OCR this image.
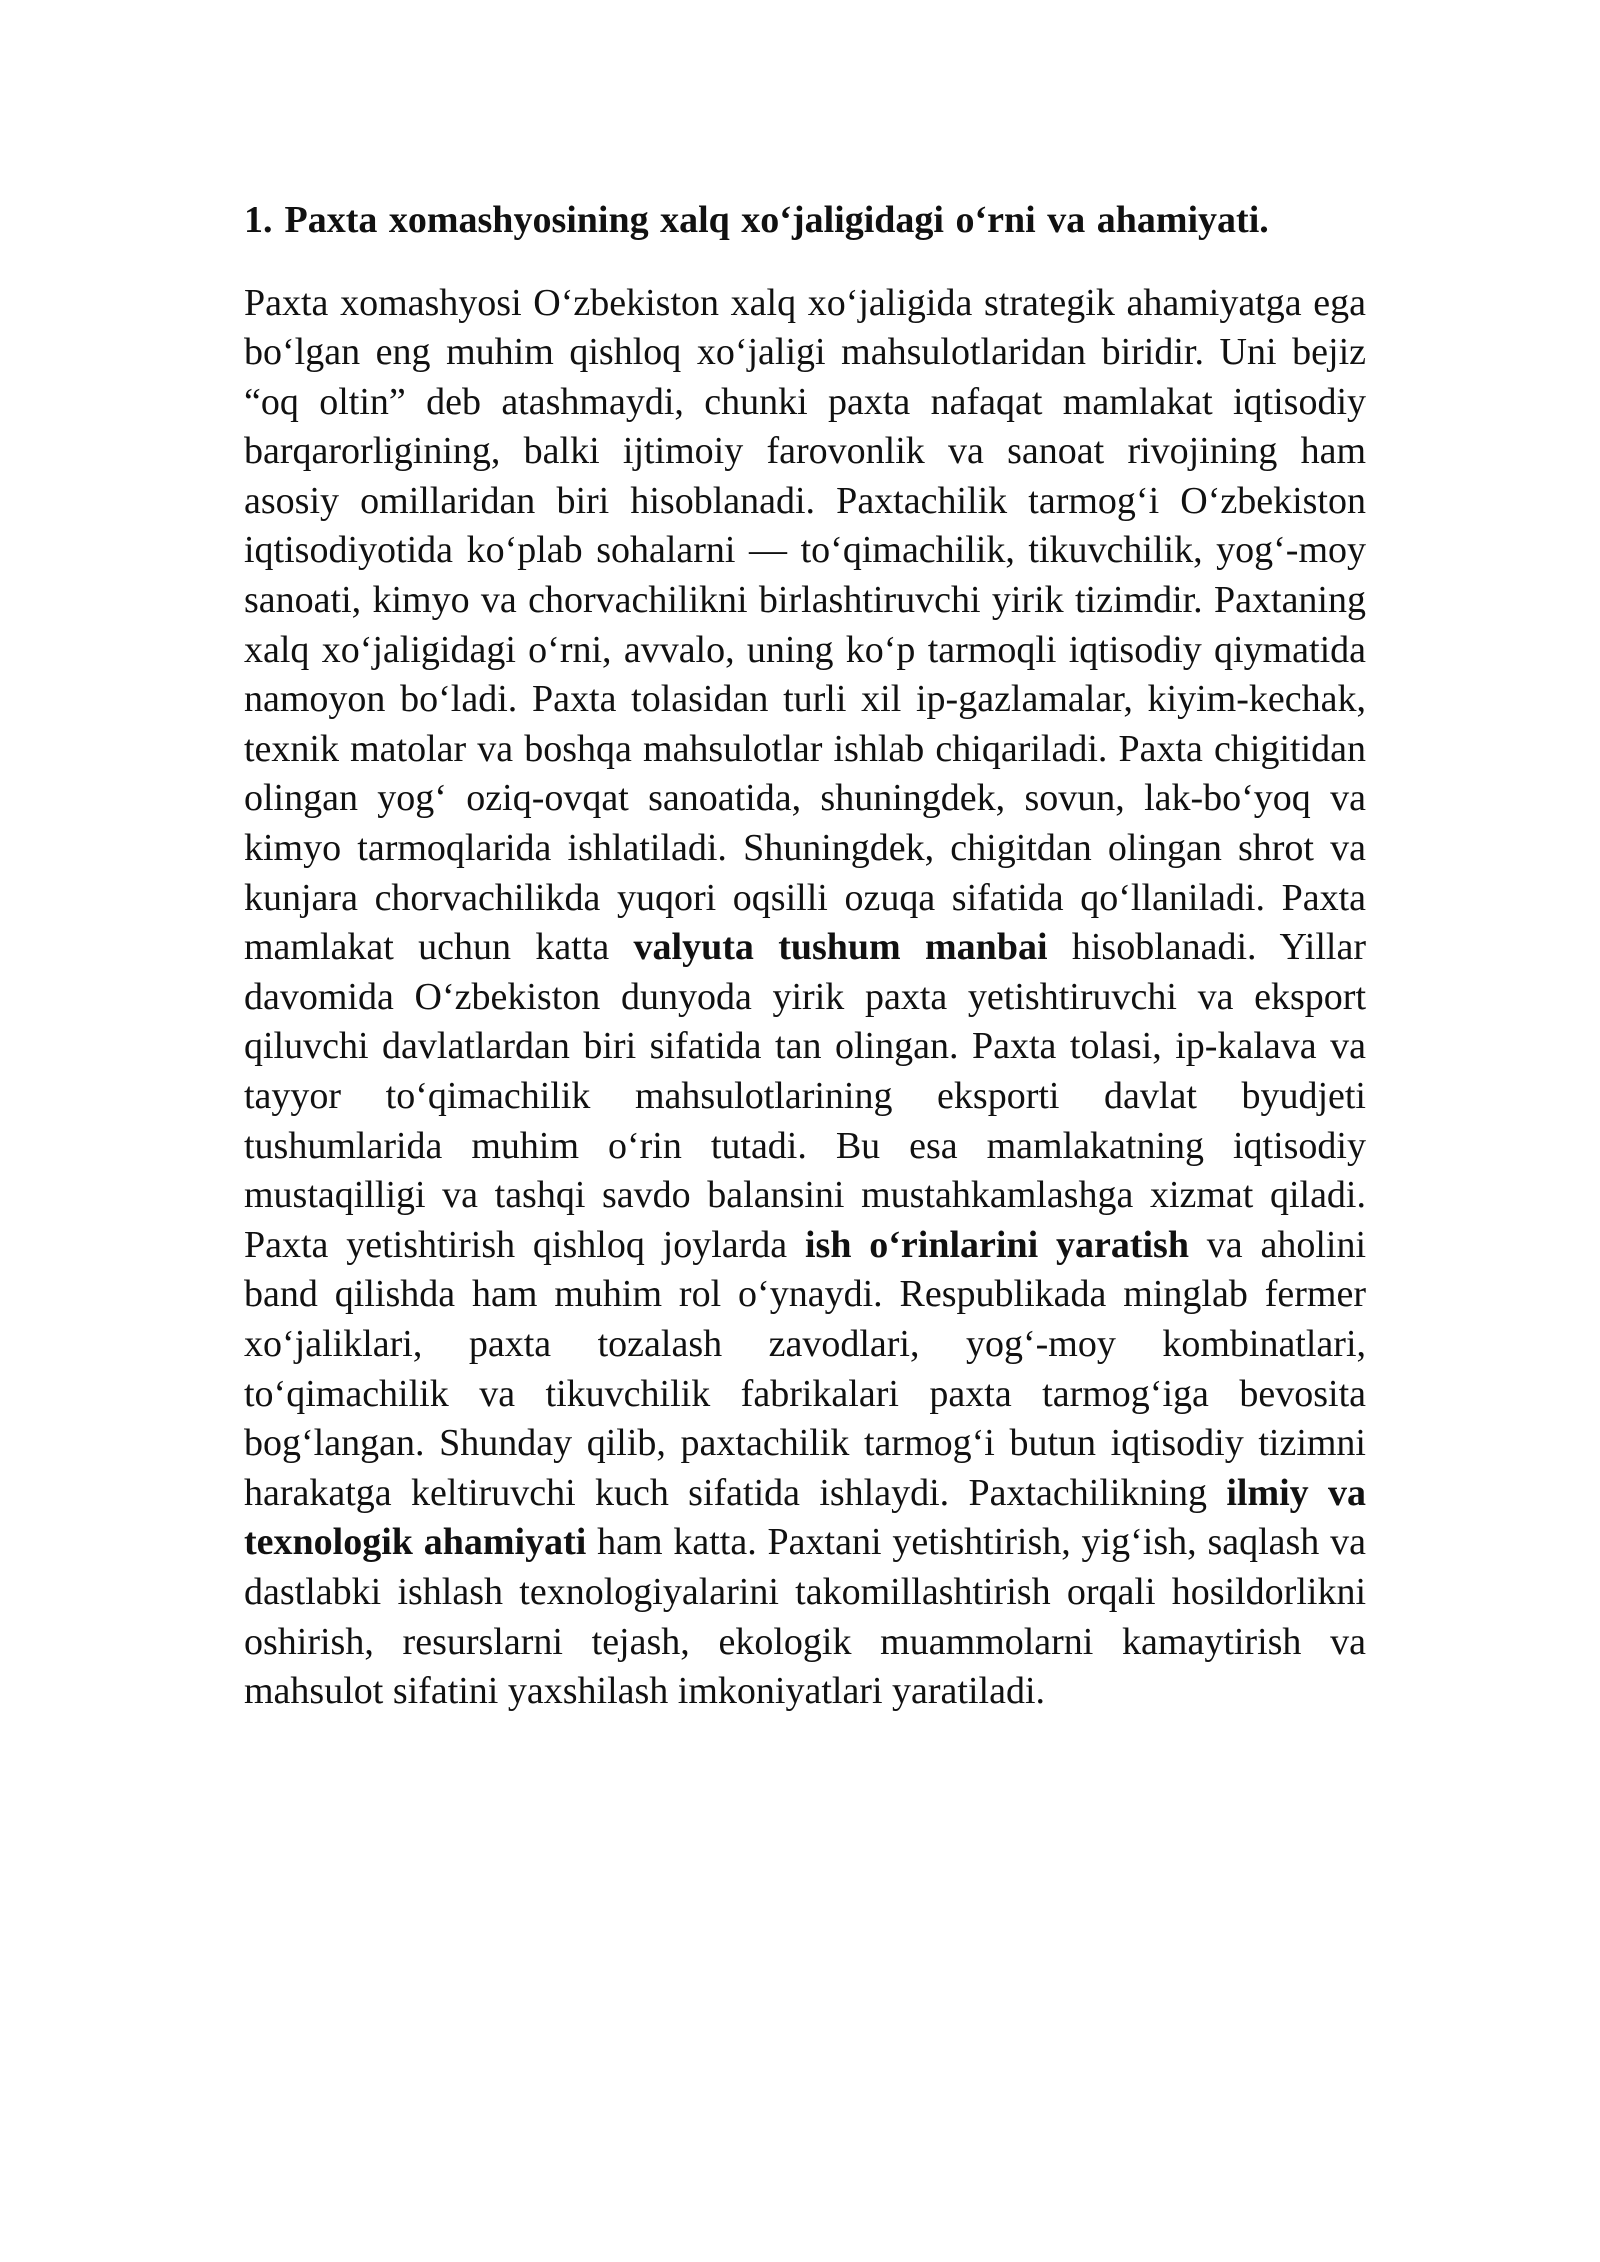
1. Paxta xomashyosining xalq xo‘jaligidagi o‘rni va ahamiyati.

Paxta xomashyosi O‘zbekiston xalq xo‘jaligida strategik ahamiyatga ega bo‘lgan eng muhim qishloq xo‘jaligi mahsulotlaridan biridir. Uni bejiz “oq oltin” deb atashmaydi, chunki paxta nafaqat mamlakat iqtisodiy barqarorligining, balki ijtimoiy farovonlik va sanoat rivojining ham asosiy omillaridan biri hisoblanadi. Paxtachilik tarmog‘i O‘zbekiston iqtisodiyotida ko‘plab sohalarni — to‘qimachilik, tikuvchilik, yog‘-moy sanoati, kimyo va chorvachilikni birlashtiruvchi yirik tizimdir. Paxtaning xalq xo‘jaligidagi o‘rni, avvalo, uning ko‘p tarmoqli iqtisodiy qiymatida namoyon bo‘ladi. Paxta tolasidan turli xil ip-gazlamalar, kiyim-kechak, texnik matolar va boshqa mahsulotlar ishlab chiqariladi. Paxta chigitidan olingan yog‘ oziq-ovqat sanoatida, shuningdek, sovun, lak-bo‘yoq va kimyo tarmoqlarida ishlatiladi. Shuningdek, chigitdan olingan shrot va kunjara chorvachilikda yuqori oqsilli ozuqa sifatida qo‘llaniladi. Paxta mamlakat uchun katta valyuta tushum manbai hisoblanadi. Yillar davomida O‘zbekiston dunyoda yirik paxta yetishtiruvchi va eksport qiluvchi davlatlardan biri sifatida tan olingan. Paxta tolasi, ip-kalava va tayyor to‘qimachilik mahsulotlarining eksporti davlat byudjeti tushumlarida muhim o‘rin tutadi. Bu esa mamlakatning iqtisodiy mustaqilligi va tashqi savdo balansini mustahkamlashga xizmat qiladi. Paxta yetishtirish qishloq joylarda ish o‘rinlarini yaratish va aholini band qilishda ham muhim rol o‘ynaydi. Respublikada minglab fermer xo‘jaliklari, paxta tozalash zavodlari, yog‘-moy kombinatlari, to‘qimachilik va tikuvchilik fabrikalari paxta tarmog‘iga bevosita bog‘langan. Shunday qilib, paxtachilik tarmog‘i butun iqtisodiy tizimni harakatga keltiruvchi kuch sifatida ishlaydi. Paxtachilikning ilmiy va texnologik ahamiyati ham katta. Paxtani yetishtirish, yig‘ish, saqlash va dastlabki ishlash texnologiyalarini takomillashtirish orqali hosildorlikni oshirish, resurslarni tejash, ekologik muammolarni kamaytirish va mahsulot sifatini yaxshilash imkoniyatlari yaratiladi.
